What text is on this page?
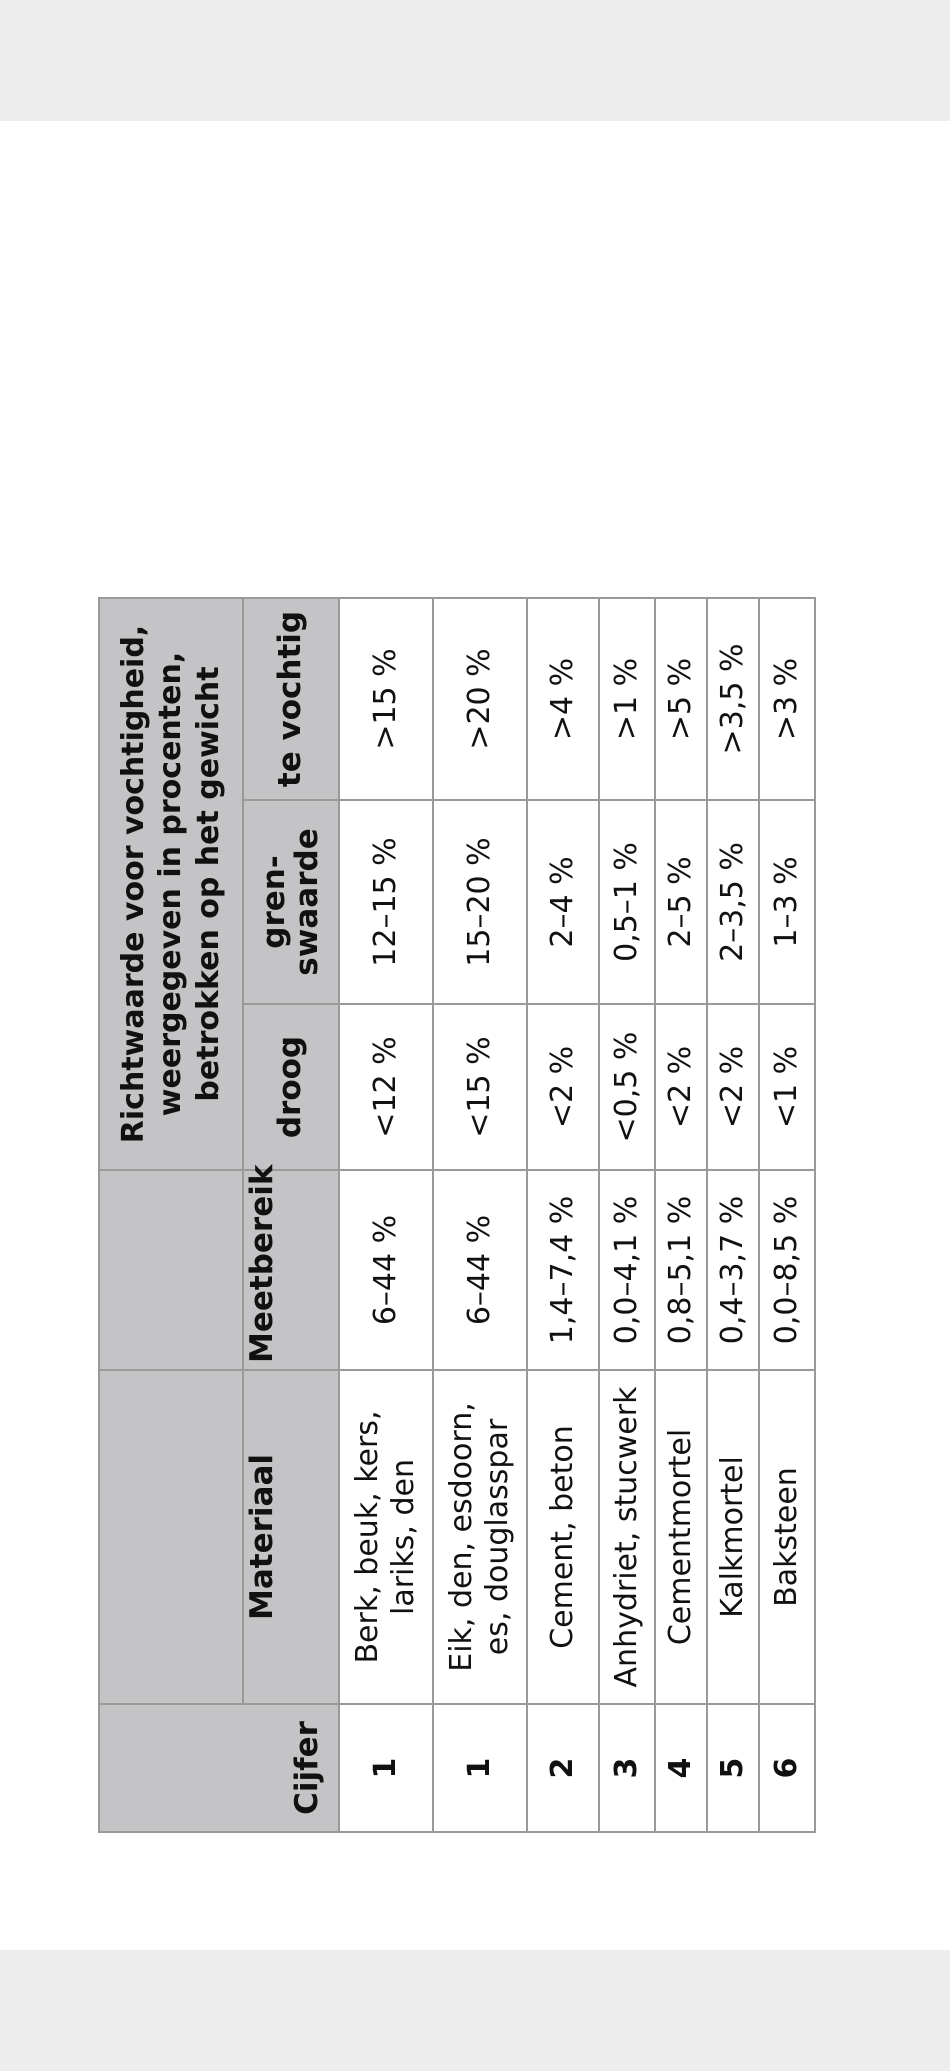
Cijfer			Richtwaarde voor vochtigheid, weergegeven in procenten, betrokken op het gewicht		
	Materiaal	Meetbereik	droog	gren-
swaarde	te vochtig
1	Berk, beuk, kers, lariks, den	6–44 %	<12 %	12–15 %	>15 %
1	Eik, den, esdoorn, es, douglasspar	6–44 %	<15 %	15–20 %	>20 %
2	Cement, beton	1,4–7,4 %	<2 %	2–4 %	>4 %
3	Anhydriet, stucwerk	0,0–4,1 %	<0,5 %	0,5–1 %	>1 %
4	Cementmortel	0,8–5,1 %	<2 %	2–5 %	>5 %
5	Kalkmortel	0,4–3,7 %	<2 %	2–3,5 %	>3,5 %
6	Baksteen	0,0–8,5 %	<1 %	1–3 %	>3 %
